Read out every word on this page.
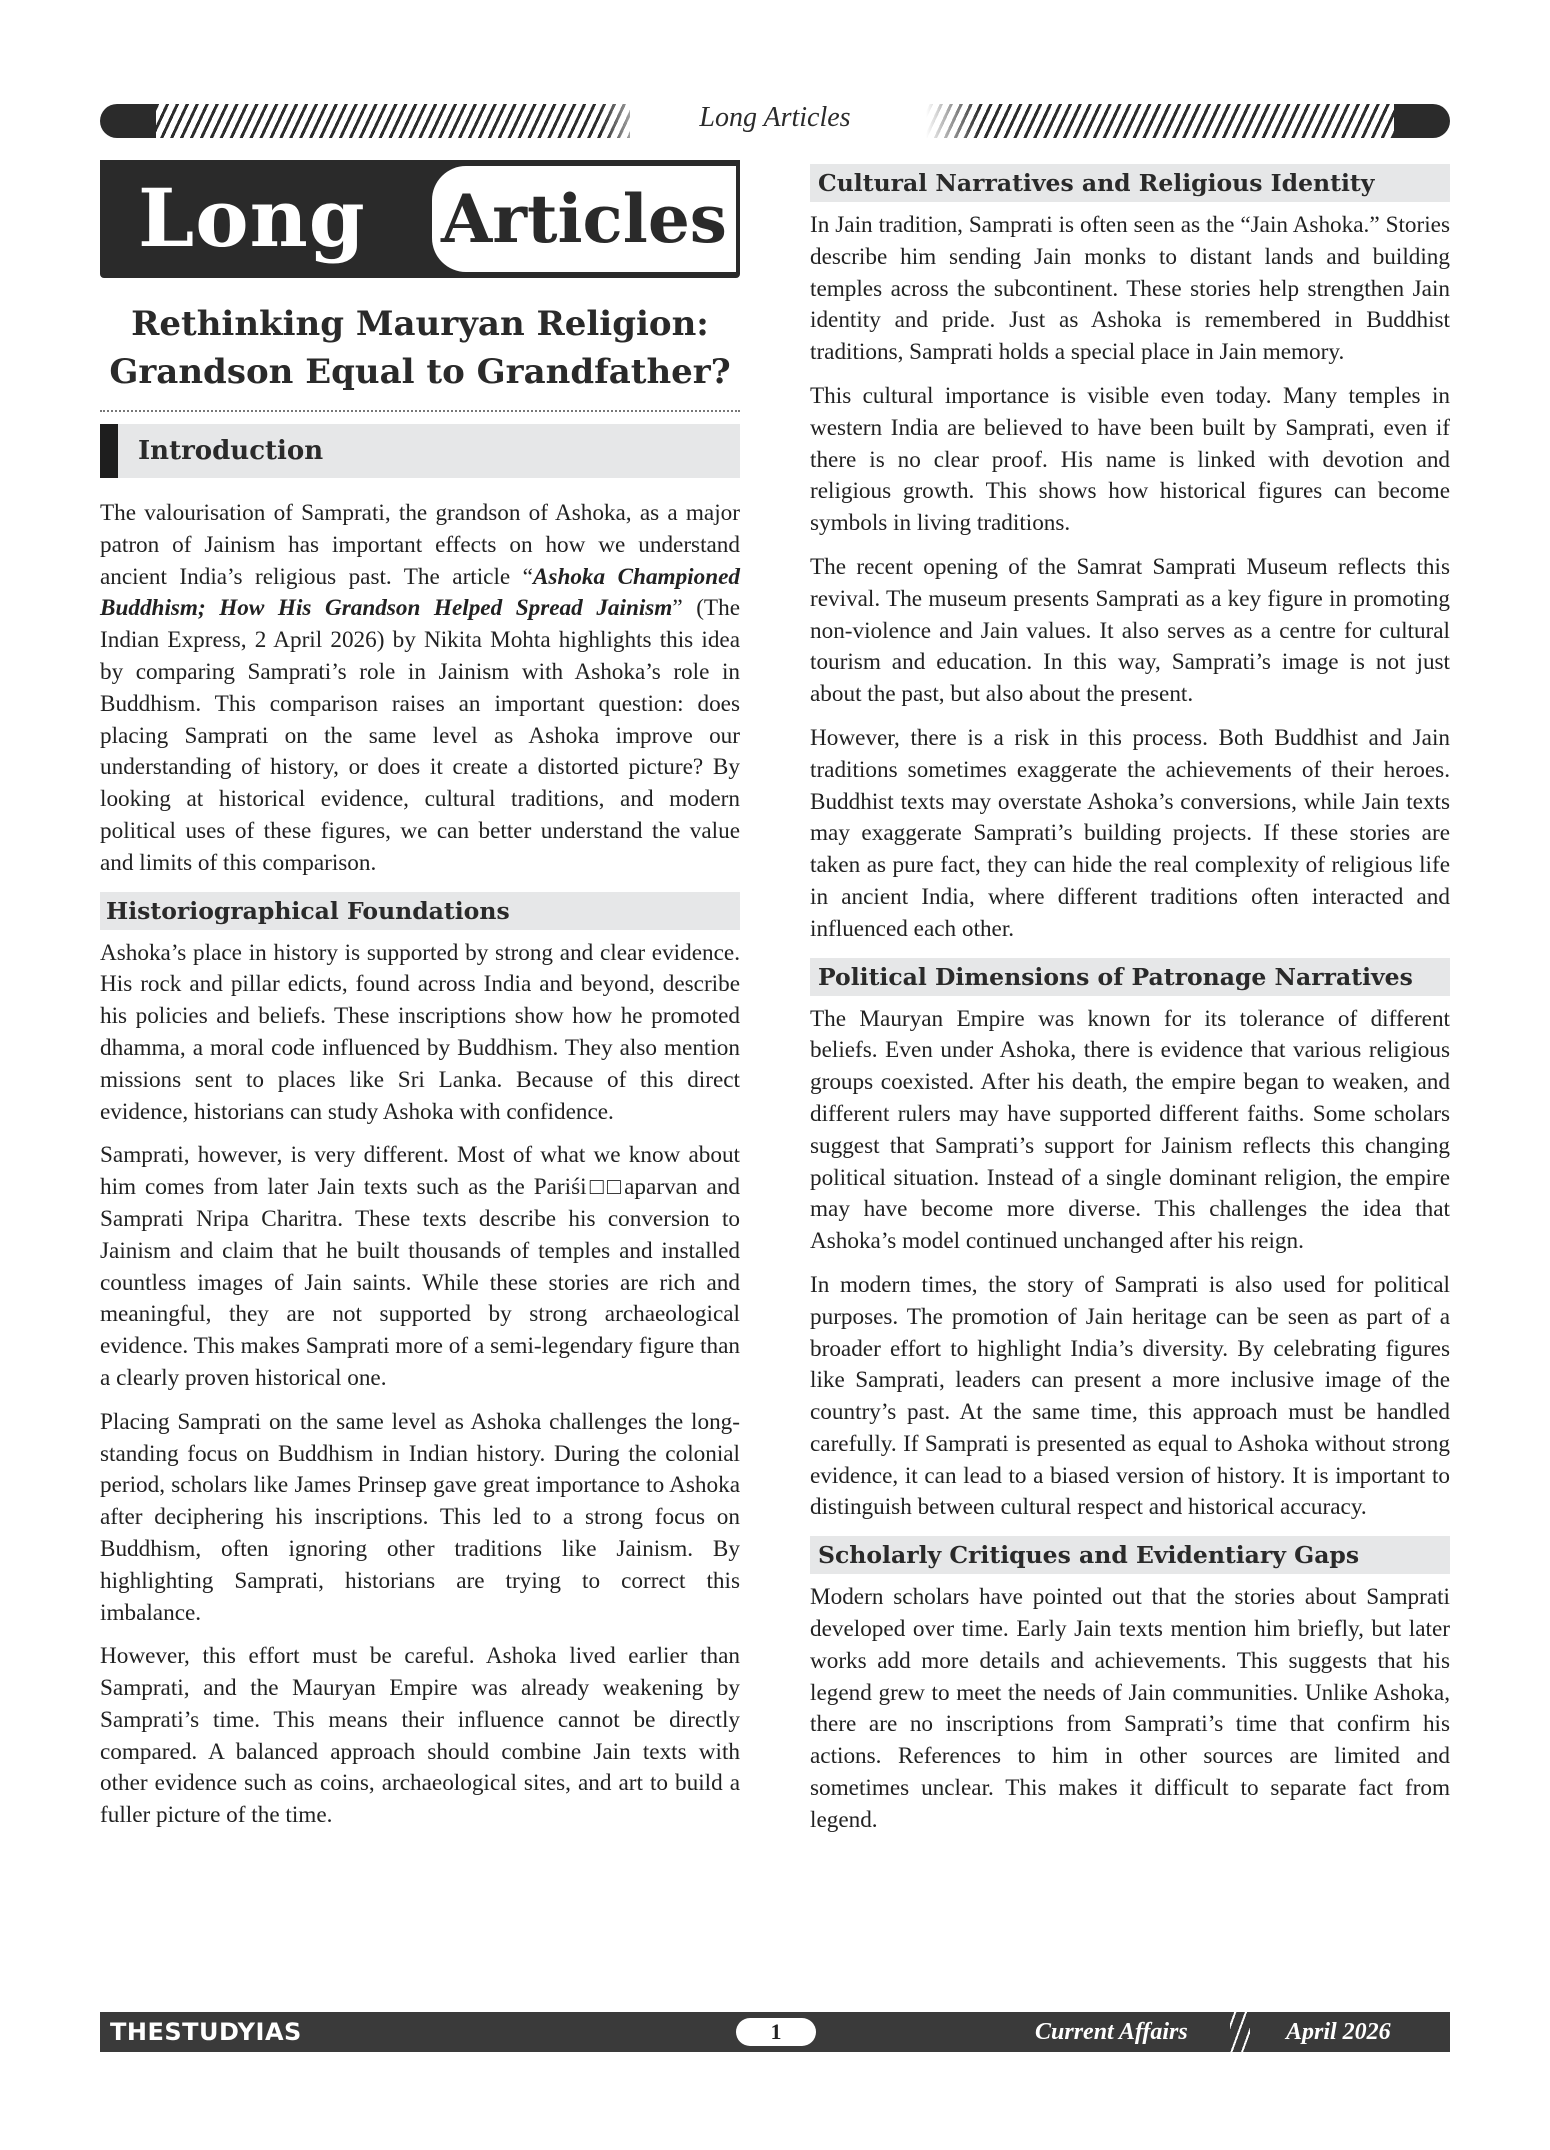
Long Articles
Long Articles
Rethinking Mauryan Religion:
Grandson Equal to Grandfather?
Introduction

The valourisation of Samprati, the grandson of Ashoka, as a major patron of Jainism has important effects on how we understand ancient India’s religious past. The article “Ashoka Championed Buddhism; How His Grandson Helped Spread Jainism” (The Indian Express, 2 April 2026) by Nikita Mohta highlights this idea by comparing Samprati’s role in Jainism with Ashoka’s role in Buddhism. This comparison raises an important question: does placing Samprati on the same level as Ashoka improve our understanding of history, or does it create a distorted picture? By looking at historical evidence, cultural traditions, and modern political uses of these figures, we can better understand the value and limits of this comparison.

Historiographical Foundations

Ashoka’s place in history is supported by strong and clear evidence. His rock and pillar edicts, found across India and beyond, describe his policies and beliefs. These inscriptions show how he promoted dhamma, a moral code influenced by Buddhism. They also mention missions sent to places like Sri Lanka. Because of this direct evidence, historians can study Ashoka with confidence.

Samprati, however, is very different. Most of what we know about him comes from later Jain texts such as the Pariśi□□aparvan and Samprati Nripa Charitra. These texts describe his conversion to Jainism and claim that he built thousands of temples and installed countless images of Jain saints. While these stories are rich and meaningful, they are not supported by strong archaeological evidence. This makes Samprati more of a semi-legendary figure than a clearly proven historical one.

Placing Samprati on the same level as Ashoka challenges the long-standing focus on Buddhism in Indian history. During the colonial period, scholars like James Prinsep gave great importance to Ashoka after deciphering his inscriptions. This led to a strong focus on Buddhism, often ignoring other traditions like Jainism. By highlighting Samprati, historians are trying to correct this imbalance.

However, this effort must be careful. Ashoka lived earlier than Samprati, and the Mauryan Empire was already weakening by Samprati’s time. This means their influence cannot be directly compared. A balanced approach should combine Jain texts with other evidence such as coins, archaeological sites, and art to build a fuller picture of the time.

Cultural Narratives and Religious Identity

In Jain tradition, Samprati is often seen as the “Jain Ashoka.” Stories describe him sending Jain monks to distant lands and building temples across the subcontinent. These stories help strengthen Jain identity and pride. Just as Ashoka is remembered in Buddhist traditions, Samprati holds a special place in Jain memory.

This cultural importance is visible even today. Many temples in western India are believed to have been built by Samprati, even if there is no clear proof. His name is linked with devotion and religious growth. This shows how historical figures can become symbols in living traditions.

The recent opening of the Samrat Samprati Museum reflects this revival. The museum presents Samprati as a key figure in promoting non-violence and Jain values. It also serves as a centre for cultural tourism and education. In this way, Samprati’s image is not just about the past, but also about the present.

However, there is a risk in this process. Both Buddhist and Jain traditions sometimes exaggerate the achievements of their heroes. Buddhist texts may overstate Ashoka’s conversions, while Jain texts may exaggerate Samprati’s building projects. If these stories are taken as pure fact, they can hide the real complexity of religious life in ancient India, where different traditions often interacted and influenced each other.

Political Dimensions of Patronage Narratives

The Mauryan Empire was known for its tolerance of different beliefs. Even under Ashoka, there is evidence that various religious groups coexisted. After his death, the empire began to weaken, and different rulers may have supported different faiths. Some scholars suggest that Samprati’s support for Jainism reflects this changing political situation. Instead of a single dominant religion, the empire may have become more diverse. This challenges the idea that Ashoka’s model continued unchanged after his reign.

In modern times, the story of Samprati is also used for political purposes. The promotion of Jain heritage can be seen as part of a broader effort to highlight India’s diversity. By celebrating figures like Samprati, leaders can present a more inclusive image of the country’s past. At the same time, this approach must be handled carefully. If Samprati is presented as equal to Ashoka without strong evidence, it can lead to a biased version of history. It is important to distinguish between cultural respect and historical accuracy.

Scholarly Critiques and Evidentiary Gaps

Modern scholars have pointed out that the stories about Samprati developed over time. Early Jain texts mention him briefly, but later works add more details and achievements. This suggests that his legend grew to meet the needs of Jain communities. Unlike Ashoka, there are no inscriptions from Samprati’s time that confirm his actions. References to him in other sources are limited and sometimes unclear. This makes it difficult to separate fact from legend.

THESTUDYIAS	1	Current Affairs	April 2026
